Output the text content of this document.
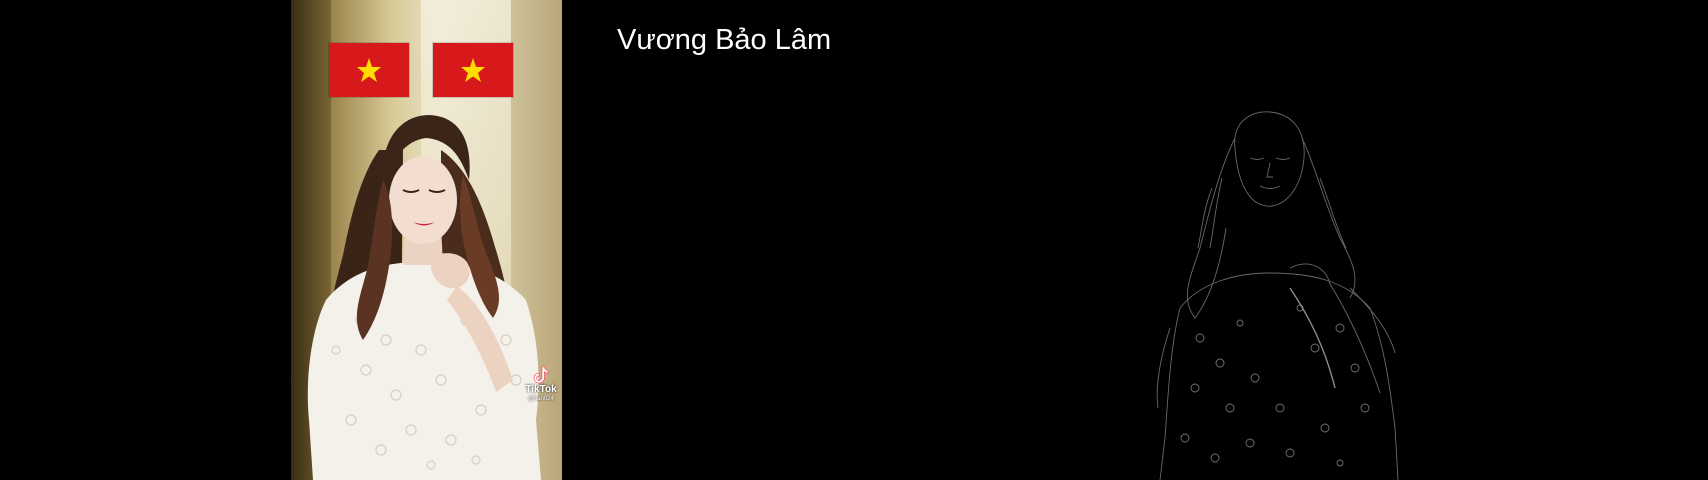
TikTok
@Ilan024
Vương Bảo Lâm
